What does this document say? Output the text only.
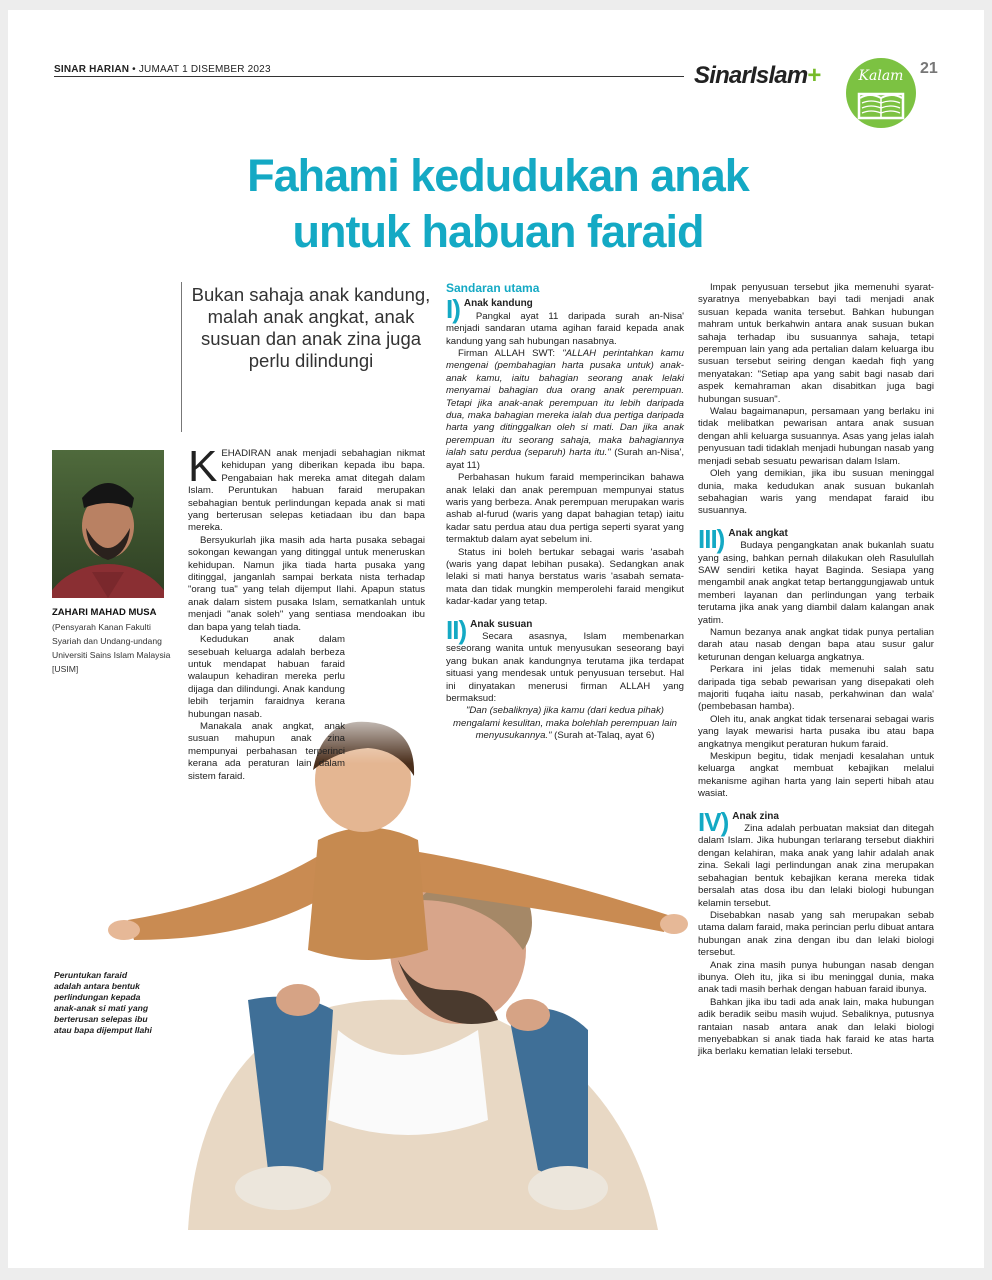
SINAR HARIAN • JUMAAT 1 DISEMBER 2023	SinarIslam+	Kalam	21
Fahami kedudukan anak
untuk habuan faraid
Bukan sahaja anak kandung, malah anak angkat, anak susuan dan anak zina juga perlu dilindungi
ZAHARI MAHAD MUSA
(Pensyarah Kanan Fakulti Syariah dan Undang-undang Universiti Sains Islam Malaysia [USIM]
Peruntukan faraid adalah antara bentuk perlindungan kepada anak-anak si mati yang berterusan selepas ibu atau bapa dijemput Ilahi

KEHADIRAN anak menjadi sebahagian nikmat kehidupan yang diberikan kepada ibu bapa. Pengabaian hak mereka amat ditegah dalam Islam. Peruntukan habuan faraid merupakan sebahagian bentuk perlindungan kepada anak si mati yang berterusan selepas ketiadaan ibu dan bapa mereka.

Bersyukurlah jika masih ada harta pusaka sebagai sokongan kewangan yang ditinggal untuk meneruskan kehidupan. Namun jika tiada harta pusaka yang ditinggal, janganlah sampai berkata nista terhadap "orang tua" yang telah dijemput Ilahi. Apapun status anak dalam sistem pusaka Islam, sematkanlah untuk menjadi "anak soleh" yang sentiasa mendoakan ibu dan bapa yang telah tiada.

Kedudukan anak dalam sesebuah keluarga adalah berbeza untuk mendapat habuan faraid walaupun kehadiran mereka perlu dijaga dan dilindungi. Anak kandung lebih terjamin faraidnya kerana hubungan nasab.

Manakala anak angkat, anak susuan mahupun anak zina mempunyai perbahasan terperinci kerana ada peraturan lain dalam sistem faraid.

Sandaran utama
I) Anak kandung

Pangkal ayat 11 daripada surah an-Nisa' menjadi sandaran utama agihan faraid kepada anak kandung yang sah hubungan nasabnya.

Firman ALLAH SWT: "ALLAH perintahkan kamu mengenai (pembahagian harta pusaka untuk) anak-anak kamu, iaitu bahagian seorang anak lelaki menyamai bahagian dua orang anak perempuan. Tetapi jika anak-anak perempuan itu lebih daripada dua, maka bahagian mereka ialah dua pertiga daripada harta yang ditinggalkan oleh si mati. Dan jika anak perempuan itu seorang sahaja, maka bahagiannya ialah satu perdua (separuh) harta itu." (Surah an-Nisa', ayat 11)

Perbahasan hukum faraid memperincikan bahawa anak lelaki dan anak perempuan mempunyai status waris yang berbeza. Anak perempuan merupakan waris ashab al-furud (waris yang dapat bahagian tetap) iaitu kadar satu perdua atau dua pertiga seperti syarat yang termaktub dalam ayat sebelum ini.

Status ini boleh bertukar sebagai waris 'asabah (waris yang dapat lebihan pusaka). Sedangkan anak lelaki si mati hanya berstatus waris 'asabah semata-mata dan tidak mungkin memperolehi faraid mengikut kadar-kadar yang tetap.

II) Anak susuan

Secara asasnya, Islam membenarkan seseorang wanita untuk menyusukan seseorang bayi yang bukan anak kandungnya terutama jika terdapat situasi yang mendesak untuk penyusuan tersebut. Hal ini dinyatakan menerusi firman ALLAH yang bermaksud:

"Dan (sebaliknya) jika kamu (dari kedua pihak) mengalami kesulitan, maka bolehlah perempuan lain menyusukannya." (Surah at-Talaq, ayat 6)

Impak penyusuan tersebut jika memenuhi syarat-syaratnya menyebabkan bayi tadi menjadi anak susuan kepada wanita tersebut. Bahkan hubungan mahram untuk berkahwin antara anak susuan bukan sahaja terhadap ibu susuannya sahaja, tetapi perempuan lain yang ada pertalian dalam keluarga ibu susuan tersebut seiring dengan kaedah fiqh yang menyatakan: "Setiap apa yang sabit bagi nasab dari aspek kemahraman akan disabitkan juga bagi hubungan susuan".

Walau bagaimanapun, persamaan yang berlaku ini tidak melibatkan pewarisan antara anak susuan dengan ahli keluarga susuannya. Asas yang jelas ialah penyusuan tadi tidaklah menjadi hubungan nasab yang menjadi sebab sesuatu pewarisan dalam Islam.

Oleh yang demikian, jika ibu susuan meninggal dunia, maka kedudukan anak susuan bukanlah sebahagian waris yang mendapat faraid ibu susuannya.

III) Anak angkat

Budaya pengangkatan anak bukanlah suatu yang asing, bahkan pernah dilakukan oleh Rasulullah SAW sendiri ketika hayat Baginda. Sesiapa yang mengambil anak angkat tetap bertanggungjawab untuk memberi layanan dan perlindungan yang terbaik terutama jika anak yang diambil dalam kalangan anak yatim.

Namun bezanya anak angkat tidak punya pertalian darah atau nasab dengan bapa atau susur galur keturunan dengan keluarga angkatnya.

Perkara ini jelas tidak memenuhi salah satu daripada tiga sebab pewarisan yang disepakati oleh majoriti fuqaha iaitu nasab, perkahwinan dan wala' (pembebasan hamba).

Oleh itu, anak angkat tidak tersenarai sebagai waris yang layak mewarisi harta pusaka ibu atau bapa angkatnya mengikut peraturan hukum faraid.

Meskipun begitu, tidak menjadi kesalahan untuk keluarga angkat membuat kebajikan melalui mekanisme agihan harta yang lain seperti hibah atau wasiat.

IV) Anak zina

Zina adalah perbuatan maksiat dan ditegah dalam Islam. Jika hubungan terlarang tersebut diakhiri dengan kelahiran, maka anak yang lahir adalah anak zina. Sekali lagi perlindungan anak zina merupakan sebahagian bentuk kebajikan kerana mereka tidak bersalah atas dosa ibu dan lelaki biologi hubungan kelamin tersebut.

Disebabkan nasab yang sah merupakan sebab utama dalam faraid, maka perincian perlu dibuat antara hubungan anak zina dengan ibu dan lelaki biologi tersebut.

Anak zina masih punya hubungan nasab dengan ibunya. Oleh itu, jika si ibu meninggal dunia, maka anak tadi masih berhak dengan habuan faraid ibunya.

Bahkan jika ibu tadi ada anak lain, maka hubungan adik beradik seibu masih wujud. Sebaliknya, putusnya rantaian nasab antara anak dan lelaki biologi menyebabkan si anak tiada hak faraid ke atas harta jika berlaku kematian lelaki tersebut.
